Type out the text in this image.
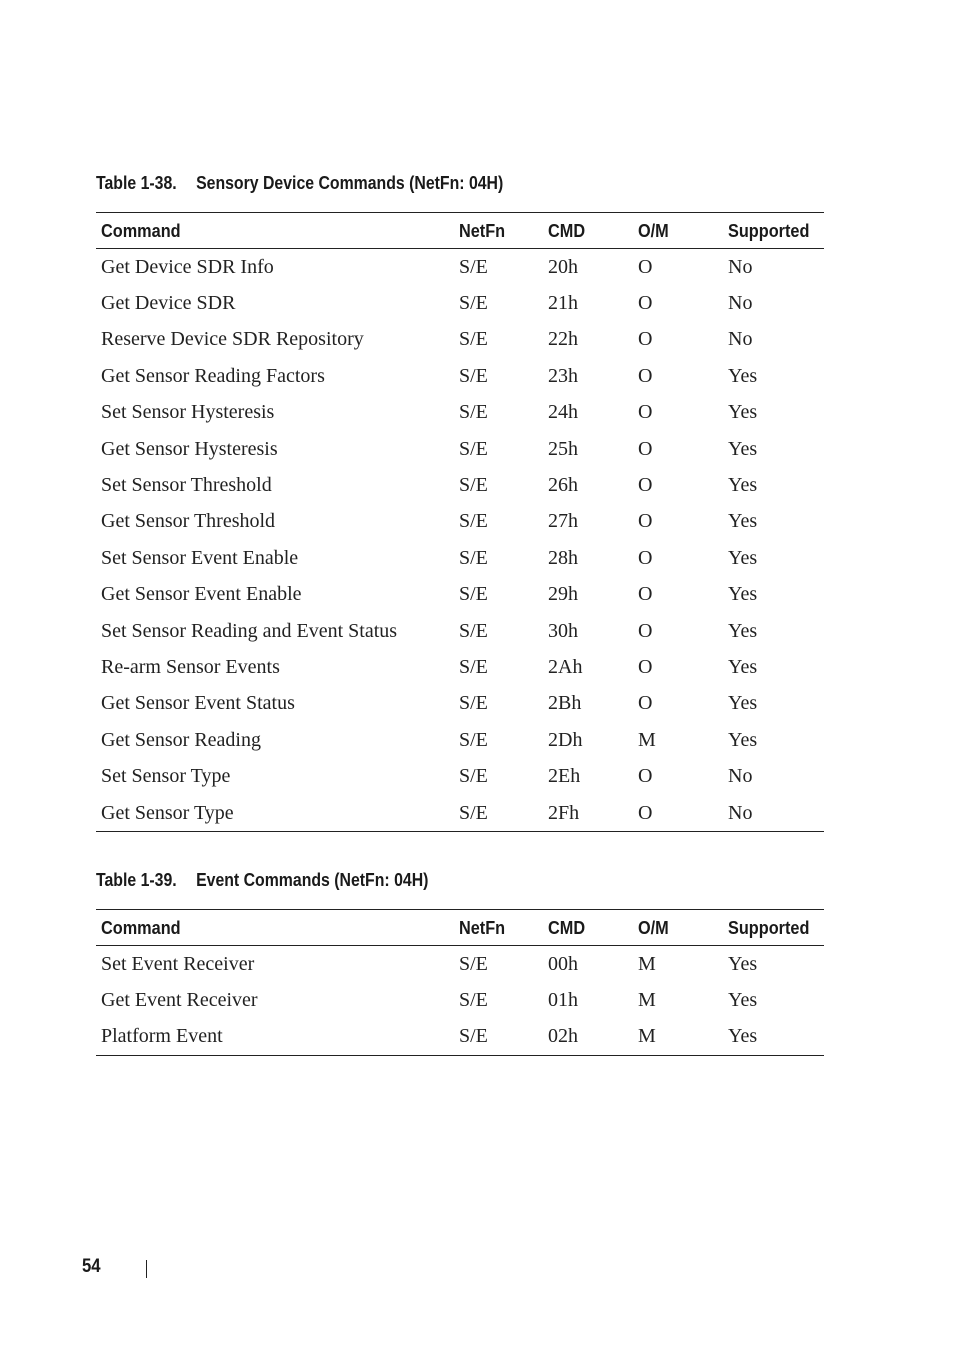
Table 1-38. Sensory Device Commands (NetFn: 04H)
Command	NetFn	CMD	O/M	Supported
Get Device SDR Info	S/E	20h	O	No
Get Device SDR	S/E	21h	O	No
Reserve Device SDR Repository	S/E	22h	O	No
Get Sensor Reading Factors	S/E	23h	O	Yes
Set Sensor Hysteresis	S/E	24h	O	Yes
Get Sensor Hysteresis	S/E	25h	O	Yes
Set Sensor Threshold	S/E	26h	O	Yes
Get Sensor Threshold	S/E	27h	O	Yes
Set Sensor Event Enable	S/E	28h	O	Yes
Get Sensor Event Enable	S/E	29h	O	Yes
Set Sensor Reading and Event Status	S/E	30h	O	Yes
Re-arm Sensor Events	S/E	2Ah	O	Yes
Get Sensor Event Status	S/E	2Bh	O	Yes
Get Sensor Reading	S/E	2Dh	M	Yes
Set Sensor Type	S/E	2Eh	O	No
Get Sensor Type	S/E	2Fh	O	No
Table 1-39. Event Commands (NetFn: 04H)
Command	NetFn	CMD	O/M	Supported
Set Event Receiver	S/E	00h	M	Yes
Get Event Receiver	S/E	01h	M	Yes
Platform Event	S/E	02h	M	Yes
54
